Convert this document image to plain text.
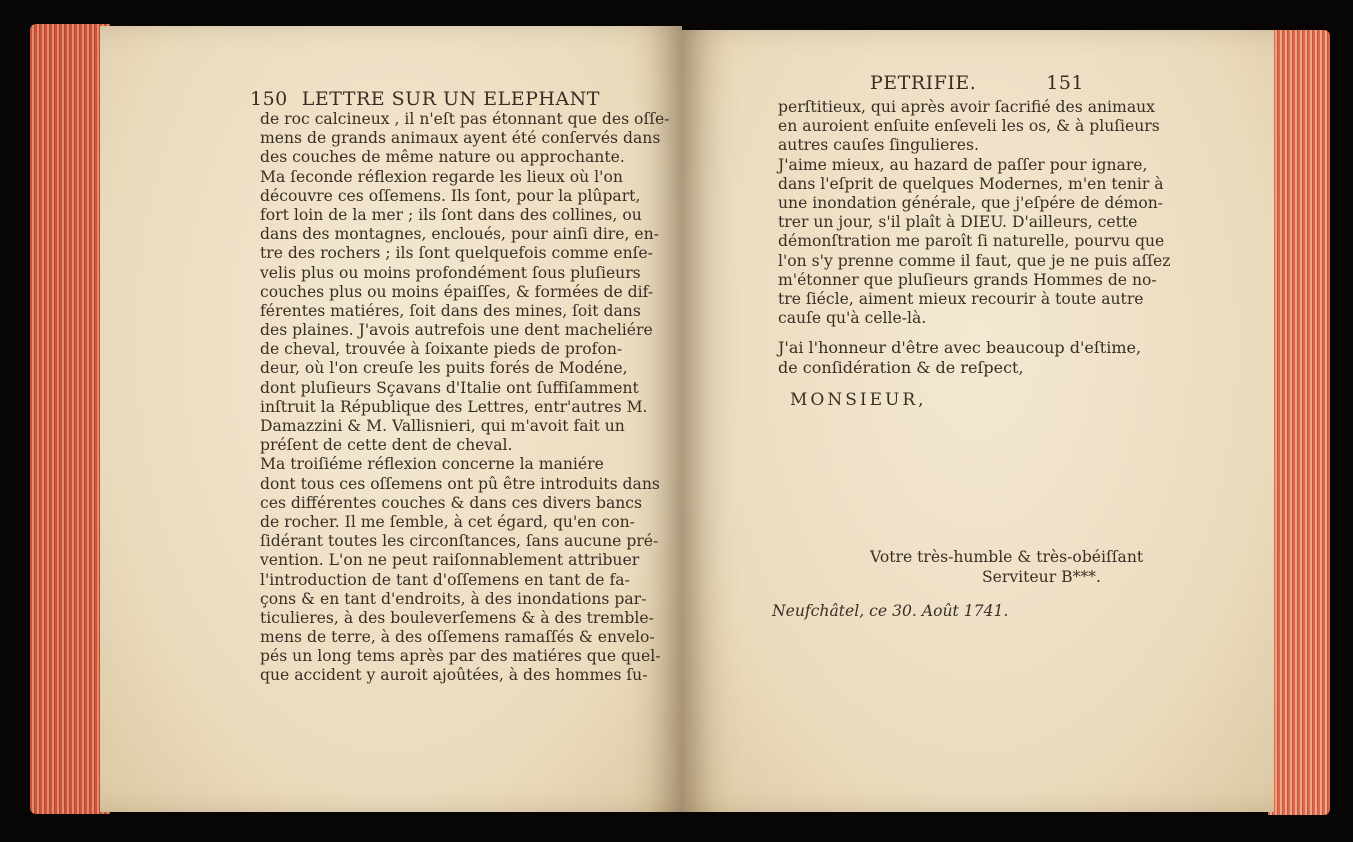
150 LETTRE SUR UN ELEPHANT
de roc calcineux , il n'eſt pas étonnant que des oſſe-
mens de grands animaux ayent été conſervés dans
des couches de même nature ou approchante.
Ma ſeconde réflexion regarde les lieux où l'on
découvre ces oſſemens. Ils ſont, pour la plûpart,
fort loin de la mer ; ils ſont dans des collines, ou
dans des montagnes, encloués, pour ainſi dire, en-
tre des rochers ; ils ſont quelquefois comme enſe-
velis plus ou moins profondément ſous pluſieurs
couches plus ou moins épaiſſes, & formées de dif-
férentes matiéres, ſoit dans des mines, ſoit dans
des plaines. J'avois autrefois une dent macheliére
de cheval, trouvée à ſoixante pieds de profon-
deur, où l'on creuſe les puits forés de Modéne,
dont pluſieurs Sçavans d'Italie ont ſuffiſamment
inſtruit la République des Lettres, entr'autres M.
Damazzini & M. Vallisnieri, qui m'avoit fait un
préſent de cette dent de cheval.
Ma troiſiéme réflexion concerne la maniére
dont tous ces oſſemens ont pû être introduits dans
ces différentes couches & dans ces divers bancs
de rocher. Il me ſemble, à cet égard, qu'en con-
ſidérant toutes les circonſtances, ſans aucune pré-
vention. L'on ne peut raiſonnablement attribuer
l'introduction de tant d'oſſemens en tant de fa-
çons & en tant d'endroits, à des inondations par-
ticulieres, à des bouleverſemens & à des tremble-
mens de terre, à des oſſemens ramaſſés & envelo-
pés un long tems après par des matiéres que quel-
que accident y auroit ajoûtées, à des hommes ſu-
PETRIFIE.	151
perſtitieux, qui après avoir ſacrifié des animaux
en auroient enſuite enſeveli les os, & à pluſieurs
autres cauſes ſingulieres.
J'aime mieux, au hazard de paſſer pour ignare,
dans l'eſprit de quelques Modernes, m'en tenir à
une inondation générale, que j'eſpére de démon-
trer un jour, s'il plaît à DIEU. D'ailleurs, cette
démonſtration me paroît ſi naturelle, pourvu que
l'on s'y prenne comme il faut, que je ne puis aſſez
m'étonner que pluſieurs grands Hommes de no-
tre ſiécle, aiment mieux recourir à toute autre
cauſe qu'à celle-là.
J'ai l'honneur d'être avec beaucoup d'eſtime,
de conſidération & de reſpect,
MONSIEUR,
Votre très-humble & très-obéiſſant
Serviteur B***.
Neufchâtel, ce 30. Août 1741.
